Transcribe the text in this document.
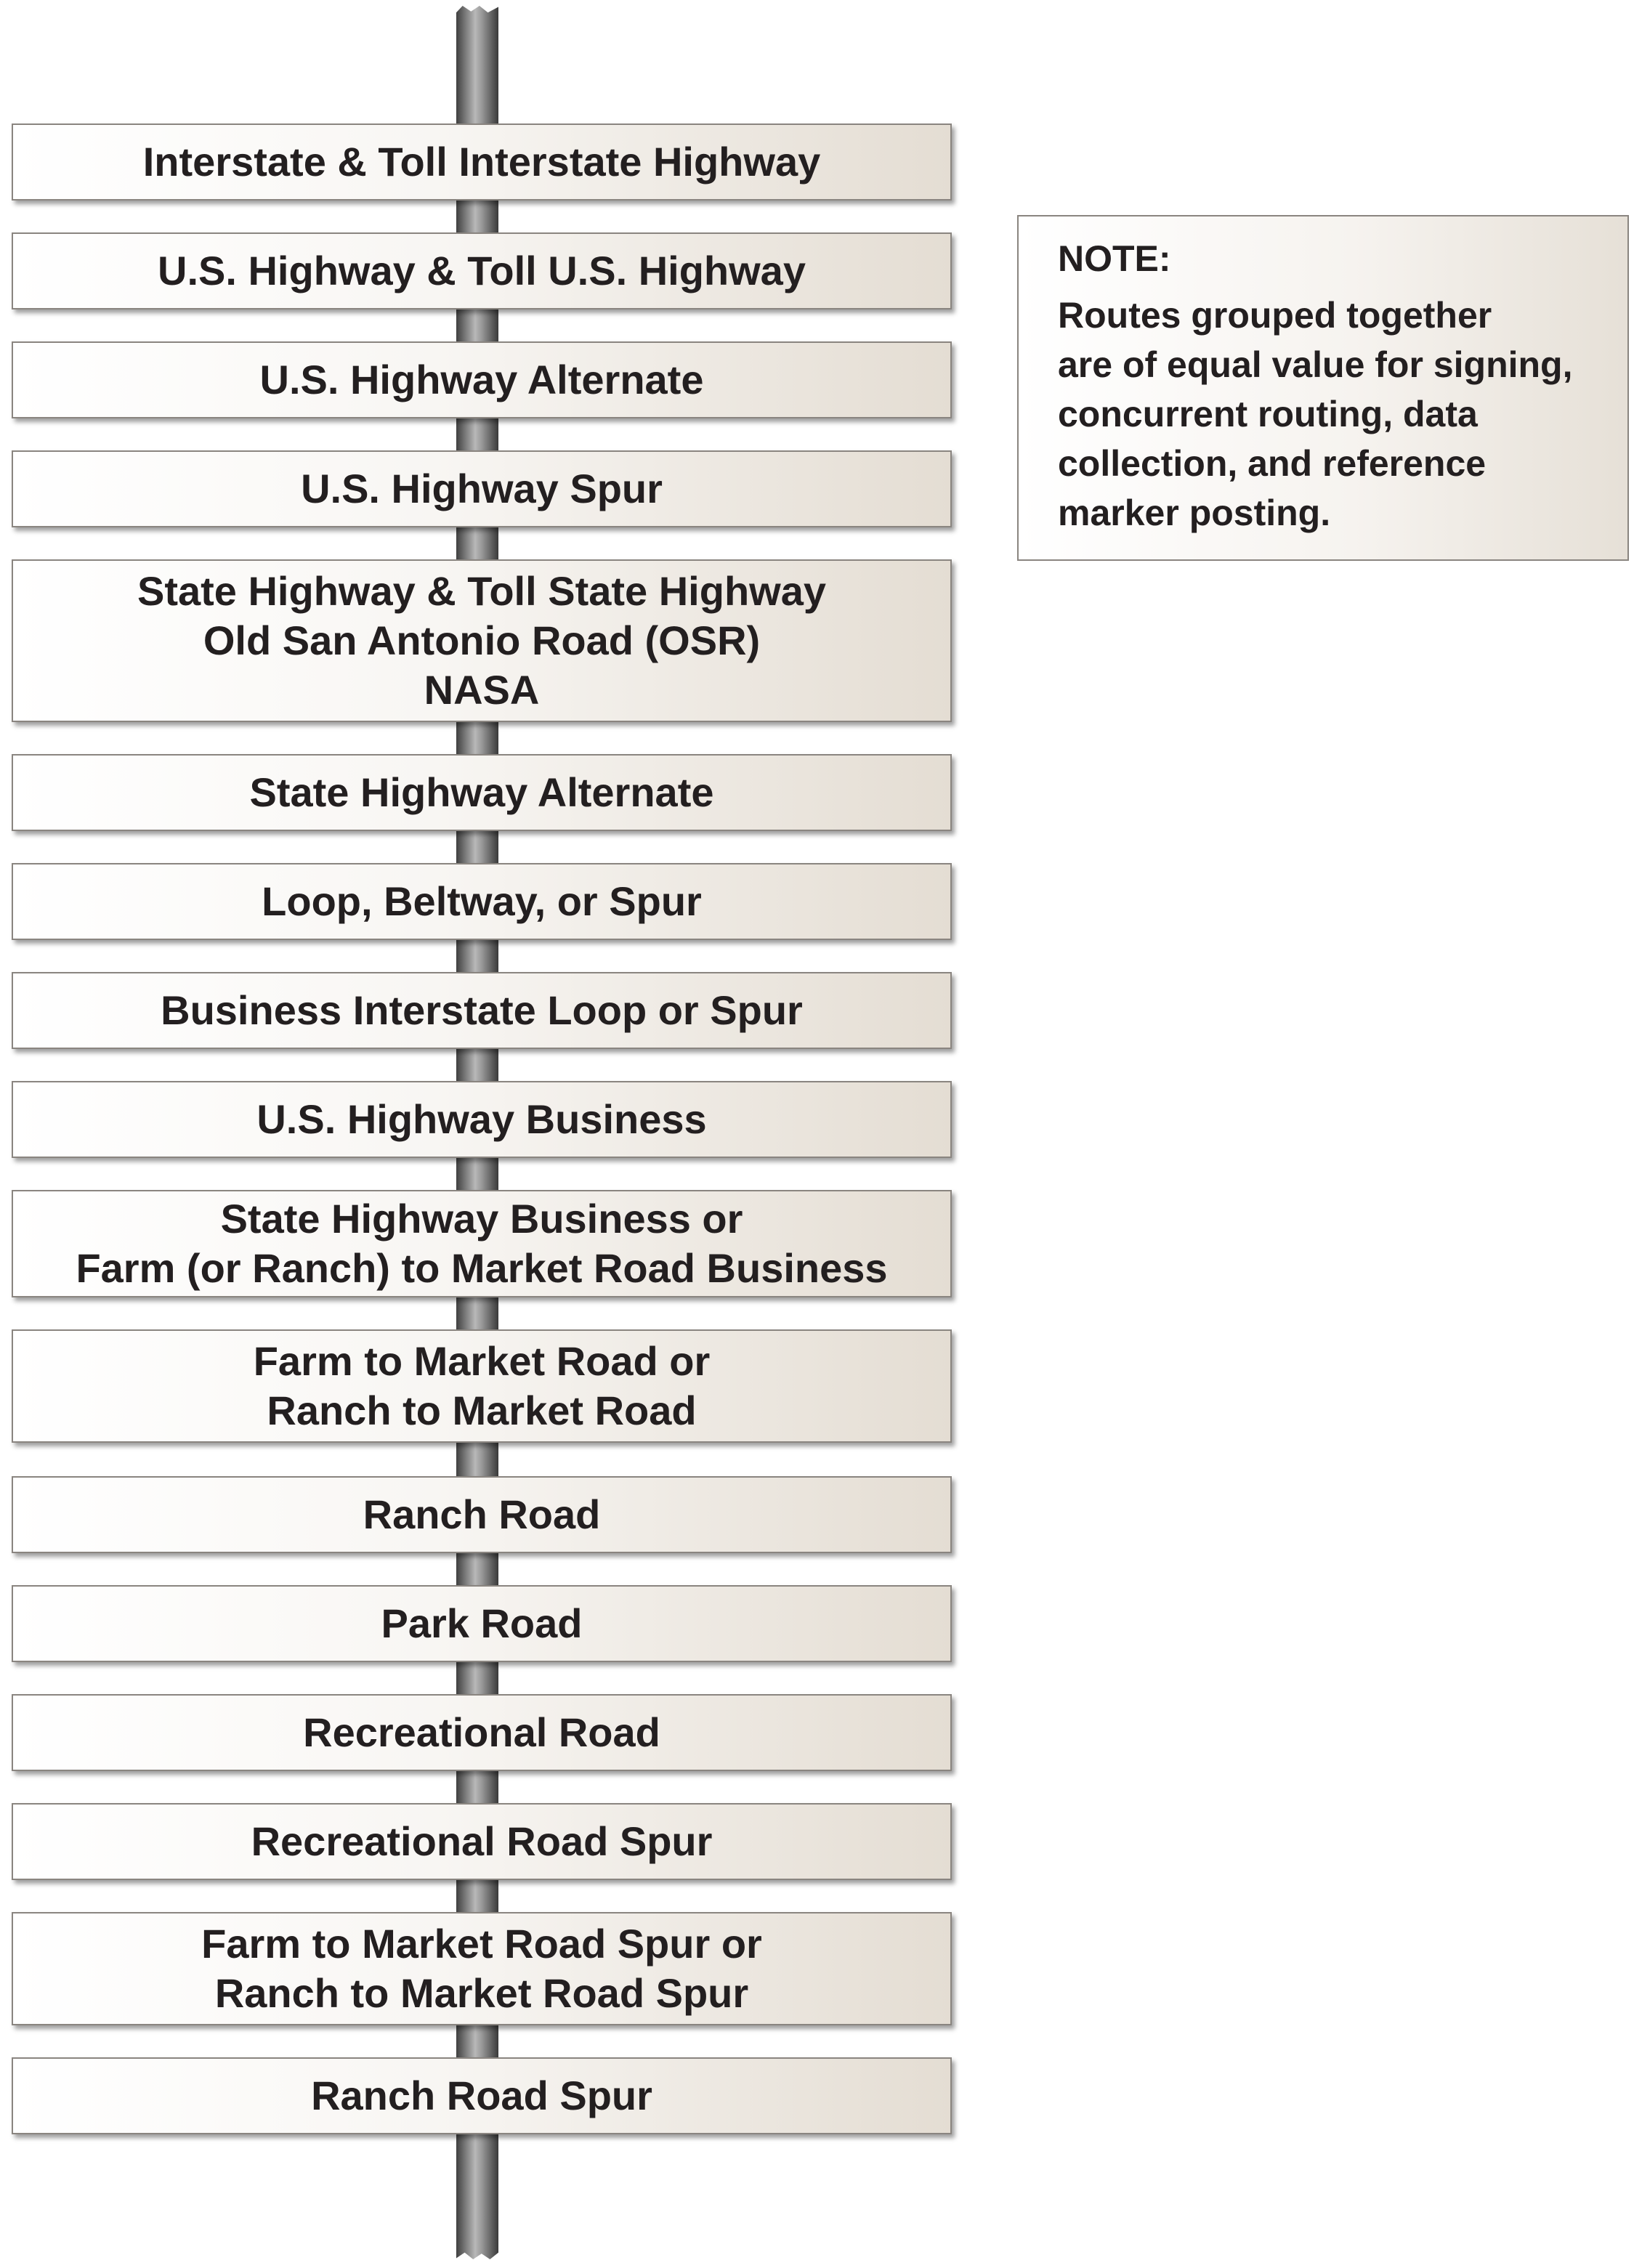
Interstate & Toll Interstate Highway
U.S. Highway & Toll U.S. Highway
U.S. Highway Alternate
U.S. Highway Spur
State Highway & Toll State Highway
Old San Antonio Road (OSR)
NASA
State Highway Alternate
Loop, Beltway, or Spur
Business Interstate Loop or Spur
U.S. Highway Business
State Highway Business or
Farm (or Ranch) to Market Road Business
Farm to Market Road or
Ranch to Market Road
Ranch Road
Park Road
Recreational Road
Recreational Road Spur
Farm to Market Road Spur or
Ranch to Market Road Spur
Ranch Road Spur
NOTE:
Routes grouped together
are of equal value for signing,
concurrent routing, data
collection, and reference
marker posting.
